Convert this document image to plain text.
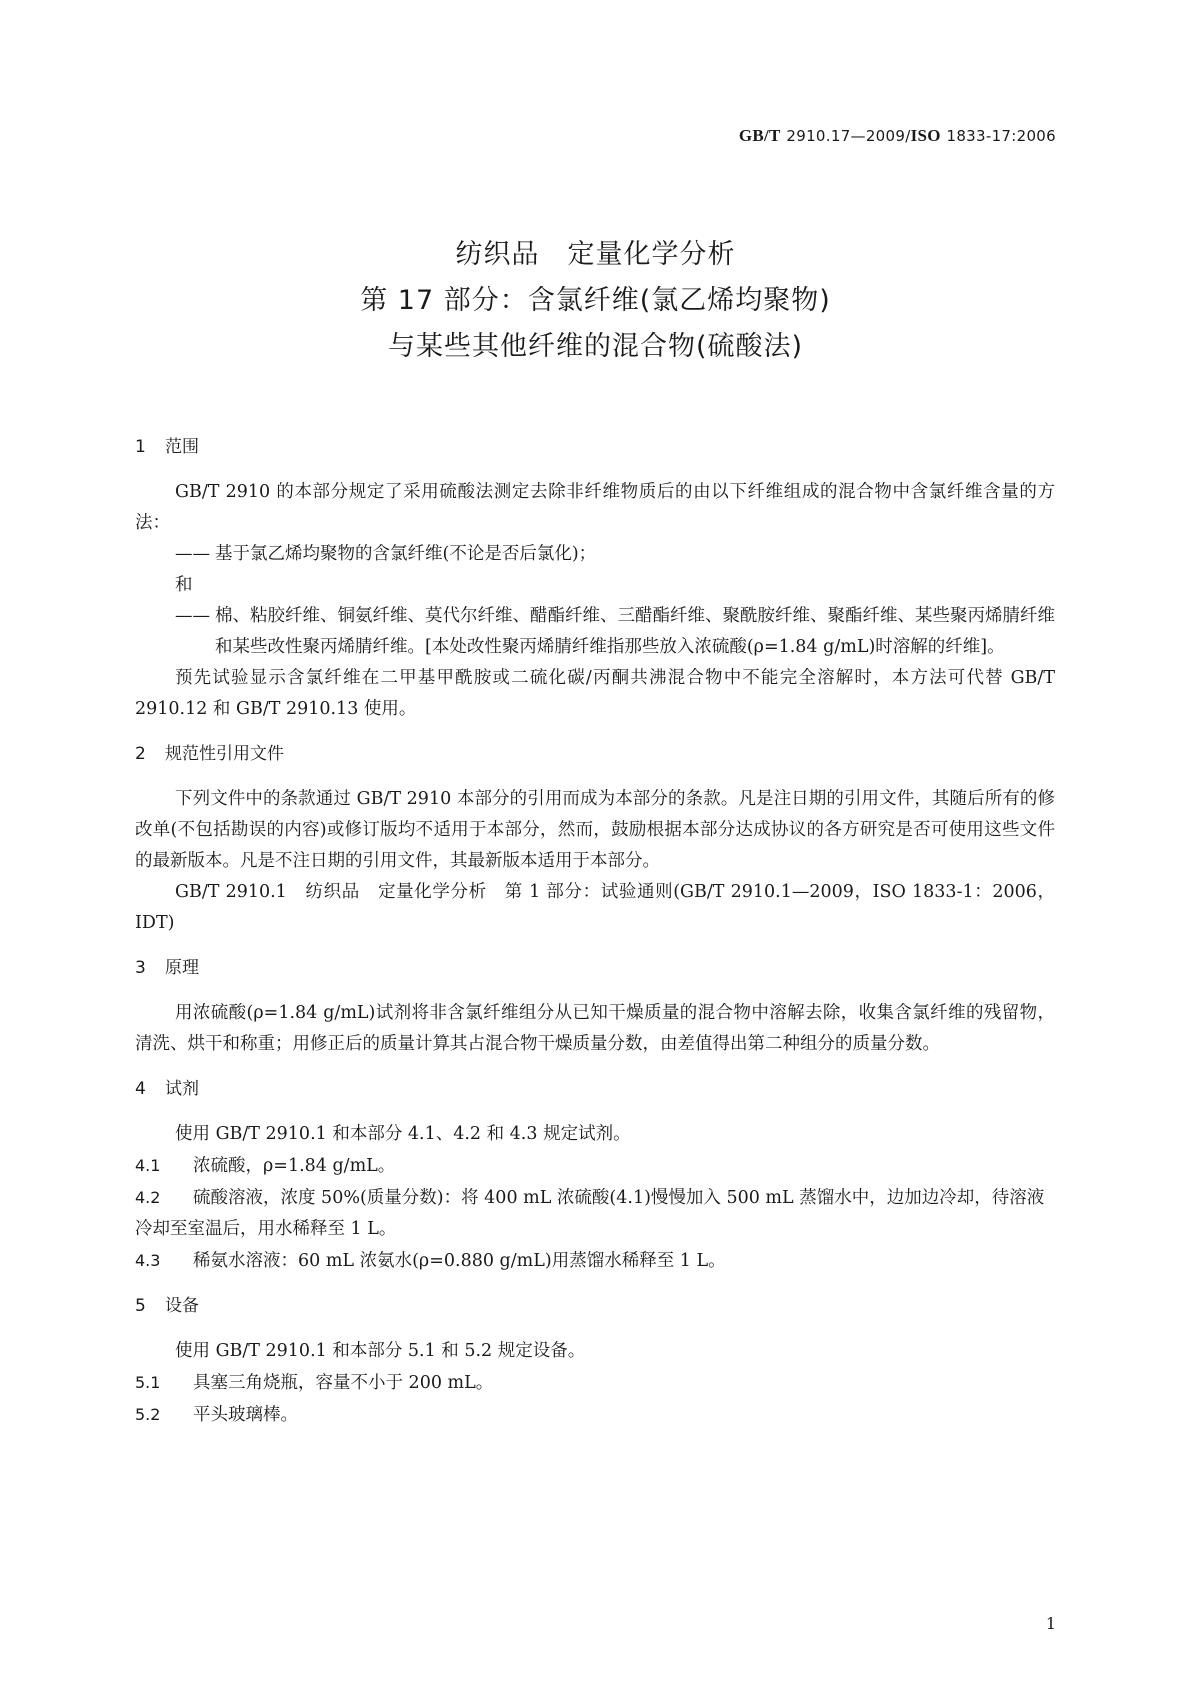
GB/T 2910.17—2009/ISO 1833-17:2006
纺织品　定量化学分析
第 17 部分：含氯纤维(氯乙烯均聚物)
与某些其他纤维的混合物(硫酸法)
1 范围

GB/T 2910 的本部分规定了采用硫酸法测定去除非纤维物质后的由以下纤维组成的混合物中含氯纤维含量的方法：

—— 基于氯乙烯均聚物的含氯纤维(不论是否后氯化)；

和

—— 棉、粘胶纤维、铜氨纤维、莫代尔纤维、醋酯纤维、三醋酯纤维、聚酰胺纤维、聚酯纤维、某些聚丙烯腈纤维和某些改性聚丙烯腈纤维。[本处改性聚丙烯腈纤维指那些放入浓硫酸(ρ=1.84 g/mL)时溶解的纤维]。

预先试验显示含氯纤维在二甲基甲酰胺或二硫化碳/丙酮共沸混合物中不能完全溶解时，本方法可代替 GB/T 2910.12 和 GB/T 2910.13 使用。

2 规范性引用文件

下列文件中的条款通过 GB/T 2910 本部分的引用而成为本部分的条款。凡是注日期的引用文件，其随后所有的修改单(不包括勘误的内容)或修订版均不适用于本部分，然而，鼓励根据本部分达成协议的各方研究是否可使用这些文件的最新版本。凡是不注日期的引用文件，其最新版本适用于本部分。

GB/T 2910.1　纺织品　定量化学分析　第 1 部分：试验通则(GB/T 2910.1—2009，ISO 1833-1：2006，IDT)

3 原理

用浓硫酸(ρ=1.84 g/mL)试剂将非含氯纤维组分从已知干燥质量的混合物中溶解去除，收集含氯纤维的残留物，清洗、烘干和称重；用修正后的质量计算其占混合物干燥质量分数，由差值得出第二种组分的质量分数。

4 试剂

使用 GB/T 2910.1 和本部分 4.1、4.2 和 4.3 规定试剂。

4.1 浓硫酸，ρ=1.84 g/mL。

4.2 硫酸溶液，浓度 50%(质量分数)：将 400 mL 浓硫酸(4.1)慢慢加入 500 mL 蒸馏水中，边加边冷却，待溶液冷却至室温后，用水稀释至 1 L。

4.3 稀氨水溶液：60 mL 浓氨水(ρ=0.880 g/mL)用蒸馏水稀释至 1 L。

5 设备

使用 GB/T 2910.1 和本部分 5.1 和 5.2 规定设备。

5.1 具塞三角烧瓶，容量不小于 200 mL。

5.2 平头玻璃棒。

1
